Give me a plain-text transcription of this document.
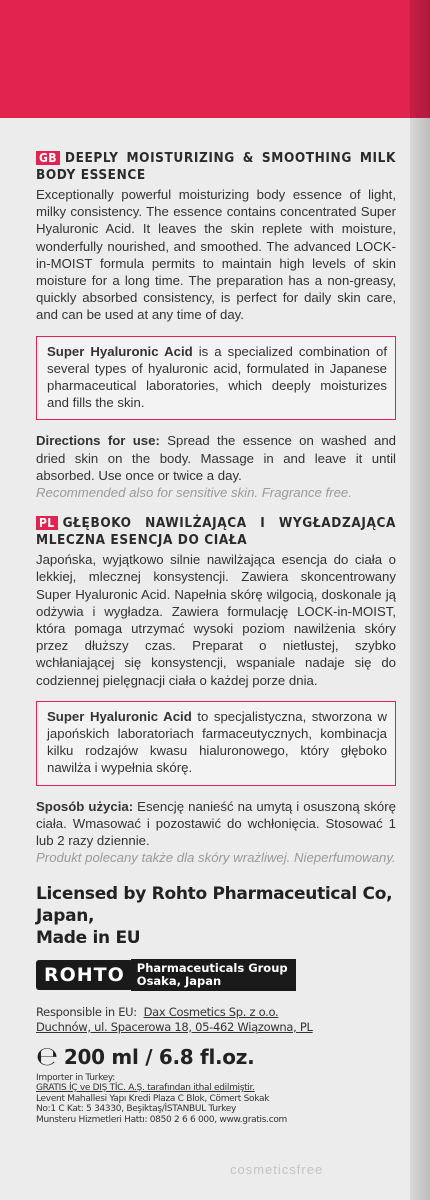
GB DEEPLY MOISTURIZING & SMOOTHING MILK BODY ESSENCE

Exceptionally powerful moisturizing body essence of light, milky consistency. The essence contains concentrated Super Hyaluronic Acid. It leaves the skin replete with moisture, wonderfully nourished, and smoothed. The advanced LOCK-in-MOIST formula permits to maintain high levels of skin moisture for a long time. The preparation has a non-greasy, quickly absorbed consistency, is perfect for daily skin care, and can be used at any time of day.

Super Hyaluronic Acid is a specialized combination of several types of hyaluronic acid, formulated in Japanese pharmaceutical laboratories, which deeply moisturizes and fills the skin.

Directions for use: Spread the essence on washed and dried skin on the body. Massage in and leave it until absorbed. Use once or twice a day.

Recommended also for sensitive skin. Fragrance free.

PL GŁĘBOKO NAWILŻAJĄCA I WYGŁADZAJĄCA MLECZNA ESENCJA DO CIAŁA

Japońska, wyjątkowo silnie nawilżająca esencja do ciała o lekkiej, mlecznej konsystencji. Zawiera skoncentrowany Super Hyaluronic Acid. Napełnia skórę wilgocią, doskonale ją odżywia i wygładza. Zawiera formulację LOCK-in-MOIST, która pomaga utrzymać wysoki poziom nawilżenia skóry przez dłuższy czas. Preparat o nietłustej, szybko wchłaniającej się konsystencji, wspaniale nadaje się do codziennej pielęgnacji ciała o każdej porze dnia.

Super Hyaluronic Acid to specjalistyczna, stworzona w japońskich laboratoriach farmaceutycznych, kombinacja kilku rodzajów kwasu hialuronowego, który głęboko nawilża i wypełnia skórę.

Sposób użycia: Esencję nanieść na umytą i osuszoną skórę ciała. Wmasować i pozostawić do wchłonięcia. Stosować 1 lub 2 razy dziennie.

Produkt polecany także dla skóry wrażliwej. Nieperfumowany.

Licensed by Rohto Pharmaceutical Co, Japan,
Made in EU
ROHTO	Pharmaceuticals Group
Osaka, Japan
Responsible in EU: Dax Cosmetics Sp. z o.o.
Duchnów, ul. Spacerowa 18, 05-462 Wiązowna, PL
℮ 200 ml / 6.8 fl.oz.
Importer in Turkey:
GRATIS İÇ ve DIŞ TİC. A.Ş. tarafından ithal edilmiştir.
Levent Mahallesi Yapı Kredi Plaza C Blok, Cömert Sokak
No:1 C Kat: 5 34330, Beşiktaş/İSTANBUL Turkey
Munsteru Hizmetleri Hattı: 0850 2 6 6 000, www.gratis.com
cosmeticsfree
